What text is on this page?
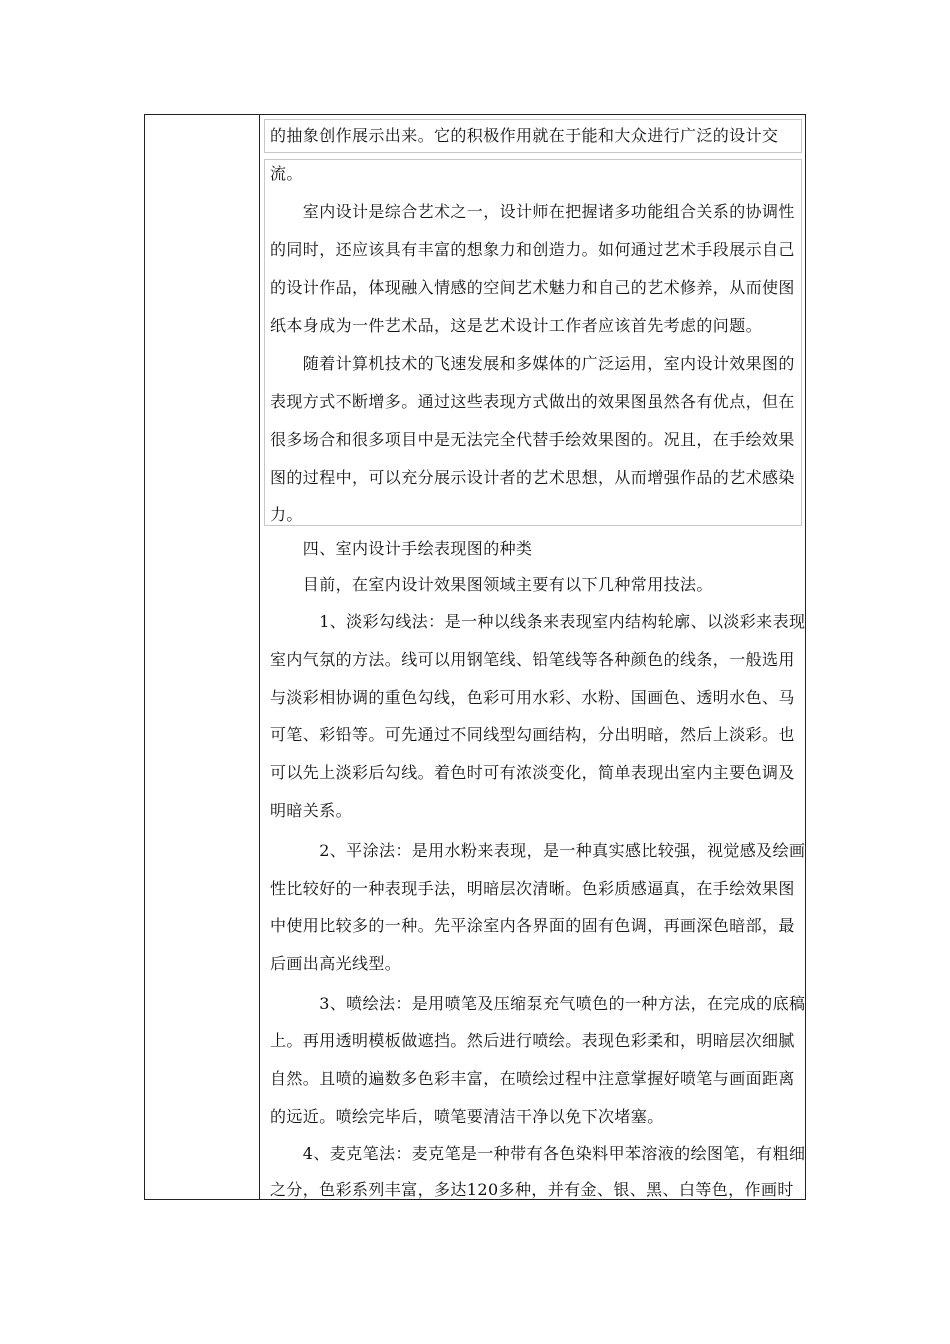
的抽象创作展示出来。它的积极作用就在于能和大众进行广泛的设计交
流。
　　室内设计是综合艺术之一，设计师在把握诸多功能组合关系的协调性
的同时，还应该具有丰富的想象力和创造力。如何通过艺术手段展示自己
的设计作品，体现融入情感的空间艺术魅力和自己的艺术修养，从而使图
纸本身成为一件艺术品，这是艺术设计工作者应该首先考虑的问题。
　　随着计算机技术的飞速发展和多媒体的广泛运用，室内设计效果图的
表现方式不断增多。通过这些表现方式做出的效果图虽然各有优点，但在
很多场合和很多项目中是无法完全代替手绘效果图的。况且，在手绘效果
图的过程中，可以充分展示设计者的艺术思想，从而增强作品的艺术感染
力。
　　四、室内设计手绘表现图的种类
　　目前，在室内设计效果图领域主要有以下几种常用技法。
　　　1、淡彩勾线法：是一种以线条来表现室内结构轮廓、以淡彩来表现
室内气氛的方法。线可以用钢笔线、铅笔线等各种颜色的线条，一般选用
与淡彩相协调的重色勾线，色彩可用水彩、水粉、国画色、透明水色、马
可笔、彩铅等。可先通过不同线型勾画结构，分出明暗，然后上淡彩。也
可以先上淡彩后勾线。着色时可有浓淡变化，简单表现出室内主要色调及
明暗关系。
　　　2、平涂法：是用水粉来表现，是一种真实感比较强，视觉感及绘画
性比较好的一种表现手法，明暗层次清晰。色彩质感逼真，在手绘效果图
中使用比较多的一种。先平涂室内各界面的固有色调，再画深色暗部，最
后画出高光线型。
　　　3、喷绘法：是用喷笔及压缩泵充气喷色的一种方法，在完成的底稿
上。再用透明模板做遮挡。然后进行喷绘。表现色彩柔和，明暗层次细腻
自然。且喷的遍数多色彩丰富，在喷绘过程中注意掌握好喷笔与画面距离
的远近。喷绘完毕后，喷笔要清洁干净以免下次堵塞。
　　4、麦克笔法：麦克笔是一种带有各色染料甲苯溶液的绘图笔，有粗细
之分，色彩系列丰富，多达120多种，并有金、银、黑、白等色，作画时
